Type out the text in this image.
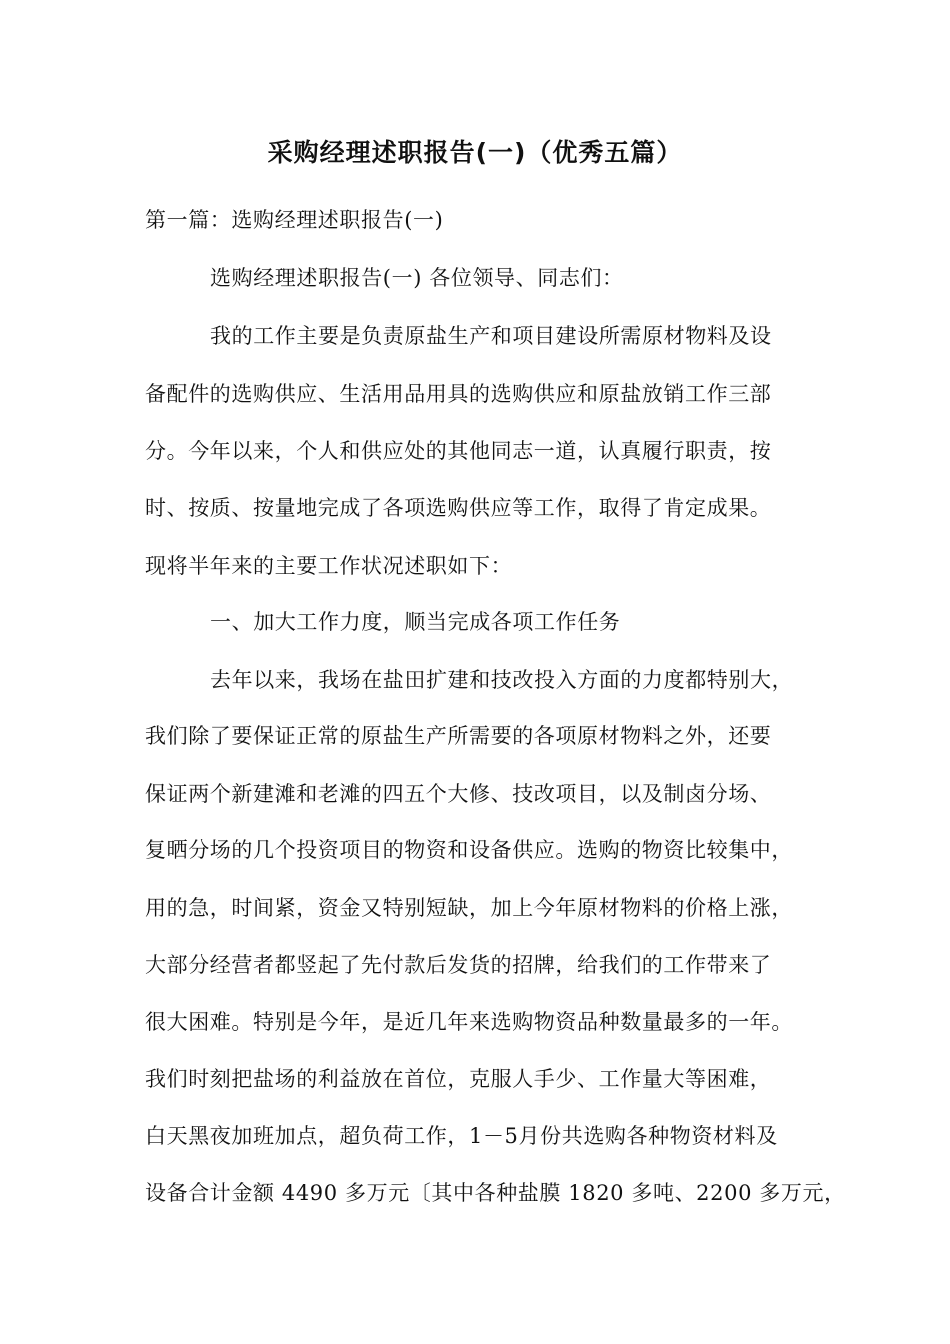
采购经理述职报告(一)（优秀五篇）
第一篇：选购经理述职报告(一)
选购经理述职报告(一) 各位领导、同志们：
我的工作主要是负责原盐生产和项目建设所需原材物料及设
备配件的选购供应、生活用品用具的选购供应和原盐放销工作三部
分。今年以来，个人和供应处的其他同志一道，认真履行职责，按
时、按质、按量地完成了各项选购供应等工作，取得了肯定成果。
现将半年来的主要工作状况述职如下：
一、加大工作力度，顺当完成各项工作任务
去年以来，我场在盐田扩建和技改投入方面的力度都特别大，
我们除了要保证正常的原盐生产所需要的各项原材物料之外，还要
保证两个新建滩和老滩的四五个大修、技改项目，以及制卤分场、
复晒分场的几个投资项目的物资和设备供应。选购的物资比较集中，
用的急，时间紧，资金又特别短缺，加上今年原材物料的价格上涨，
大部分经营者都竖起了先付款后发货的招牌，给我们的工作带来了
很大困难。特别是今年，是近几年来选购物资品种数量最多的一年。
我们时刻把盐场的利益放在首位，克服人手少、工作量大等困难，
白天黑夜加班加点，超负荷工作，1－5月份共选购各种物资材料及
设备合计金额 4490 多万元〔其中各种盐膜 1820 多吨、2200 多万元，
